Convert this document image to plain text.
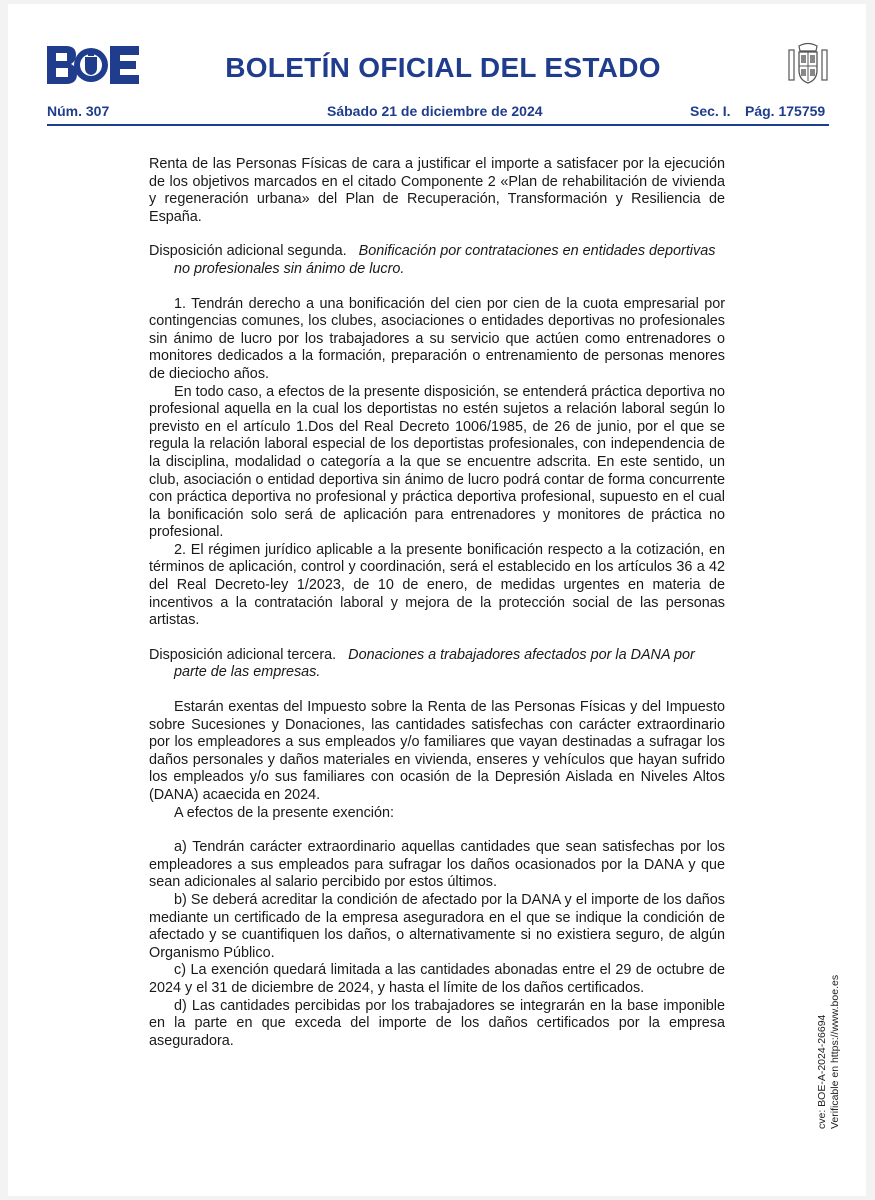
BOLETÍN OFICIAL DEL ESTADO
Núm. 307	Sábado 21 de diciembre de 2024	Sec. I. Pág. 175759

Renta de las Personas Físicas de cara a justificar el importe a satisfacer por la ejecución de los objetivos marcados en el citado Componente 2 «Plan de rehabilitación de vivienda y regeneración urbana» del Plan de Recuperación, Transformación y Resiliencia de España.

Disposición adicional segunda. Bonificación por contrataciones en entidades deportivas no profesionales sin ánimo de lucro.

1. Tendrán derecho a una bonificación del cien por cien de la cuota empresarial por contingencias comunes, los clubes, asociaciones o entidades deportivas no profesionales sin ánimo de lucro por los trabajadores a su servicio que actúen como entrenadores o monitores dedicados a la formación, preparación o entrenamiento de personas menores de dieciocho años.

En todo caso, a efectos de la presente disposición, se entenderá práctica deportiva no profesional aquella en la cual los deportistas no estén sujetos a relación laboral según lo previsto en el artículo 1.Dos del Real Decreto 1006/1985, de 26 de junio, por el que se regula la relación laboral especial de los deportistas profesionales, con independencia de la disciplina, modalidad o categoría a la que se encuentre adscrita. En este sentido, un club, asociación o entidad deportiva sin ánimo de lucro podrá contar de forma concurrente con práctica deportiva no profesional y práctica deportiva profesional, supuesto en el cual la bonificación solo será de aplicación para entrenadores y monitores de práctica no profesional.

2. El régimen jurídico aplicable a la presente bonificación respecto a la cotización, en términos de aplicación, control y coordinación, será el establecido en los artículos 36 a 42 del Real Decreto-ley 1/2023, de 10 de enero, de medidas urgentes en materia de incentivos a la contratación laboral y mejora de la protección social de las personas artistas.

Disposición adicional tercera. Donaciones a trabajadores afectados por la DANA por parte de las empresas.

Estarán exentas del Impuesto sobre la Renta de las Personas Físicas y del Impuesto sobre Sucesiones y Donaciones, las cantidades satisfechas con carácter extraordinario por los empleadores a sus empleados y/o familiares que vayan destinadas a sufragar los daños personales y daños materiales en vivienda, enseres y vehículos que hayan sufrido los empleados y/o sus familiares con ocasión de la Depresión Aislada en Niveles Altos (DANA) acaecida en 2024.

A efectos de la presente exención:

a) Tendrán carácter extraordinario aquellas cantidades que sean satisfechas por los empleadores a sus empleados para sufragar los daños ocasionados por la DANA y que sean adicionales al salario percibido por estos últimos.

b) Se deberá acreditar la condición de afectado por la DANA y el importe de los daños mediante un certificado de la empresa aseguradora en el que se indique la condición de afectado y se cuantifiquen los daños, o alternativamente si no existiera seguro, de algún Organismo Público.

c) La exención quedará limitada a las cantidades abonadas entre el 29 de octubre de 2024 y el 31 de diciembre de 2024, y hasta el límite de los daños certificados.

d) Las cantidades percibidas por los trabajadores se integrarán en la base imponible en la parte en que exceda del importe de los daños certificados por la empresa aseguradora.	cve: BOE-A-2024-26694 Verificable en https://www.boe.es
